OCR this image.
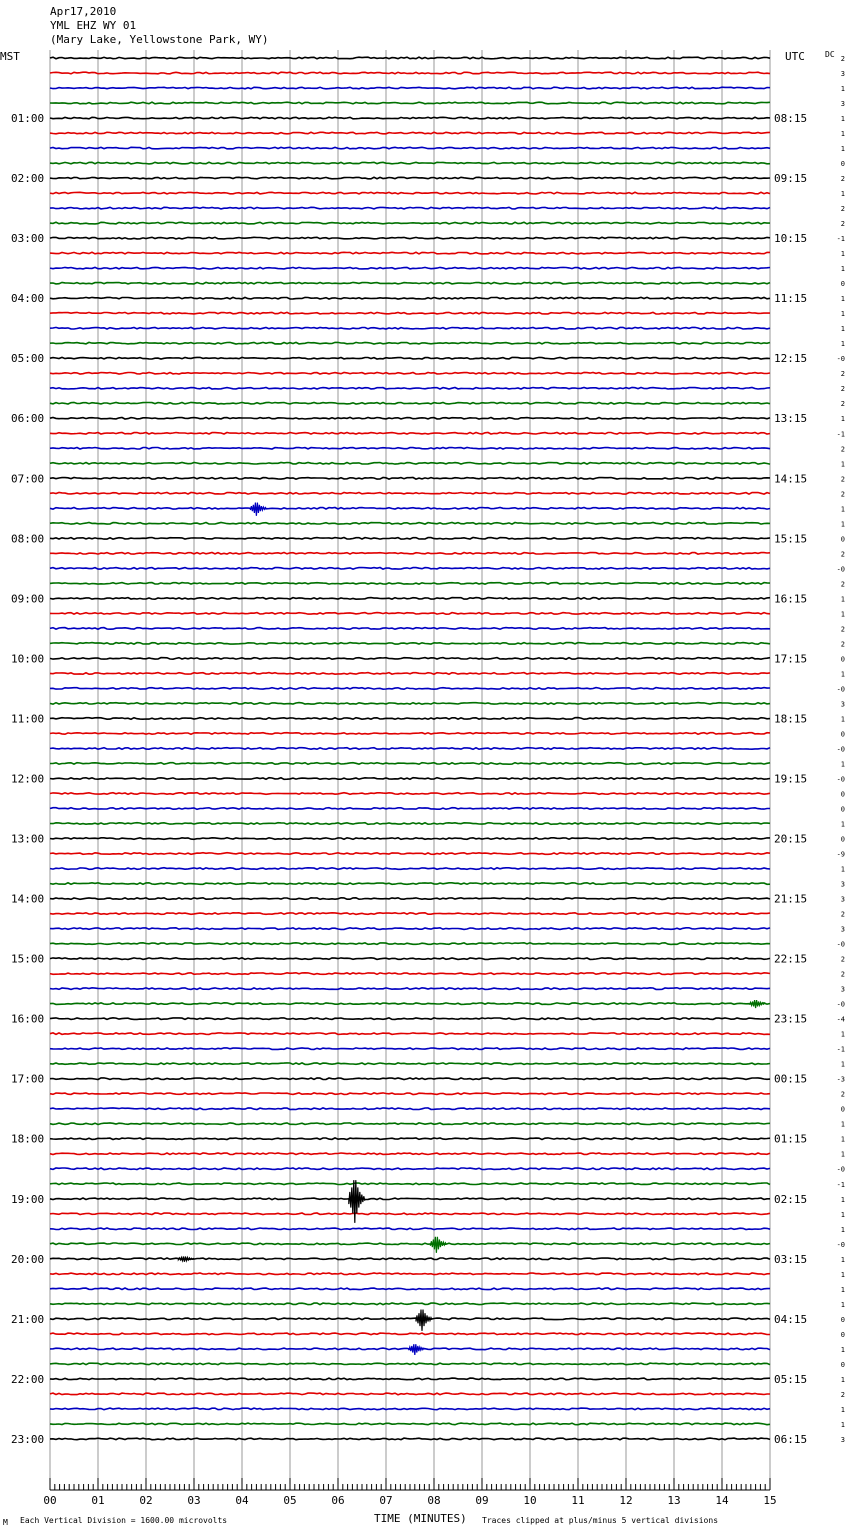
Apr17,2010
YML EHZ WY 01
(Mary Lake, Yellowstone Park, WY)
MST	UTC	DC
01:00	08:15
02:00	09:15
03:00	10:15
04:00	11:15
05:00	12:15
06:00	13:15
07:00	14:15
08:00	15:15
09:00	16:15
10:00	17:15
11:00	18:15
12:00	19:15
13:00	20:15
14:00	21:15
15:00	22:15
16:00	23:15
17:00	00:15
18:00	01:15
19:00	02:15
20:00	03:15
21:00	04:15
22:00	05:15
23:00	06:15
2
3
1
3
1
1
1
0
2
1
2
2
-1
1
1
0
1
1
1
1
-0
2
2
2
1
-1
2
1
2
2
1
1
0
2
-0
2
1
1
2
2
0
1
-0
3
1
0
-0
1
-0
0
0
1
0
-9
1
3
3
2
3
-0
2
2
3
-0
-4
1
-1
1
-3
2
0
1
1
1
-0
-1
1
1
1
-0
1
1
1
1
0
0
1
0
1
2
1
1
3
00	01	02	03	04	05	06	07	08	09	10	11	12	13	14	15
Each Vertical Division = 1600.00 microvolts	TIME (MINUTES) Traces clipped at plus/minus 5 vertical divisions
M
